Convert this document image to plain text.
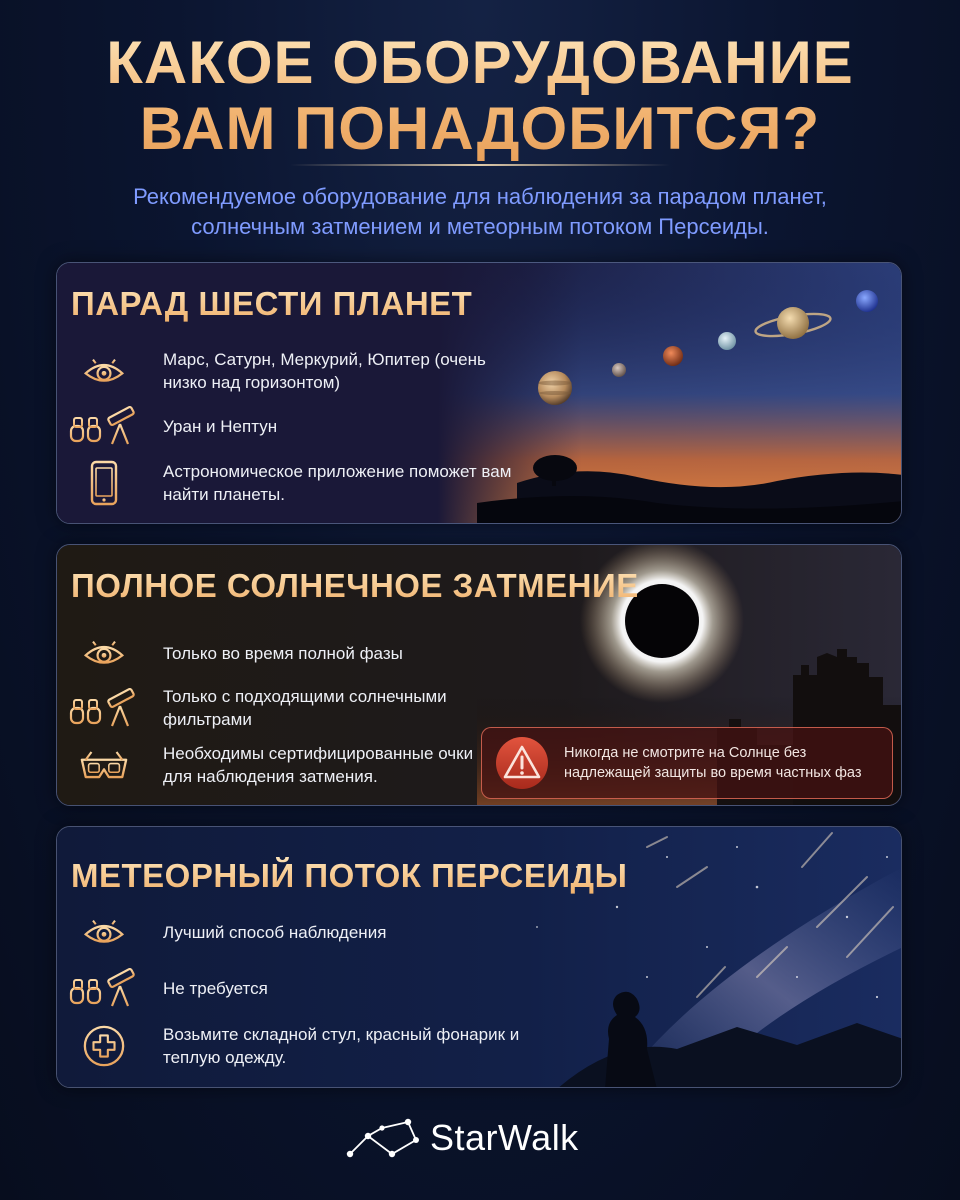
КАКОЕ ОБОРУДОВАНИЕ
ВАМ ПОНАДОБИТСЯ?

Рекомендуемое оборудование для наблюдения за парадом планет,
солнечным затмением и метеорным потоком Персеиды.

ПАРАД ШЕСТИ ПЛАНЕТ
Марс, Сатурн, Меркурий, Юпитер (очень низко над горизонтом)
Уран и Нептун
Астрономическое приложение поможет вам найти планеты.
ПОЛНОЕ СОЛНЕЧНОЕ ЗАТМЕНИЕ
Только во время полной фазы
Только с подходящими солнечными фильтрами
Необходимы сертифицированные очки для наблюдения затмения.
Никогда не смотрите на Солнце без надлежащей защиты во время частных фаз
МЕТЕОРНЫЙ ПОТОК ПЕРСЕИДЫ
Лучший способ наблюдения
Не требуется
Возьмите складной стул, красный фонарик и теплую одежду.
StarWalk
